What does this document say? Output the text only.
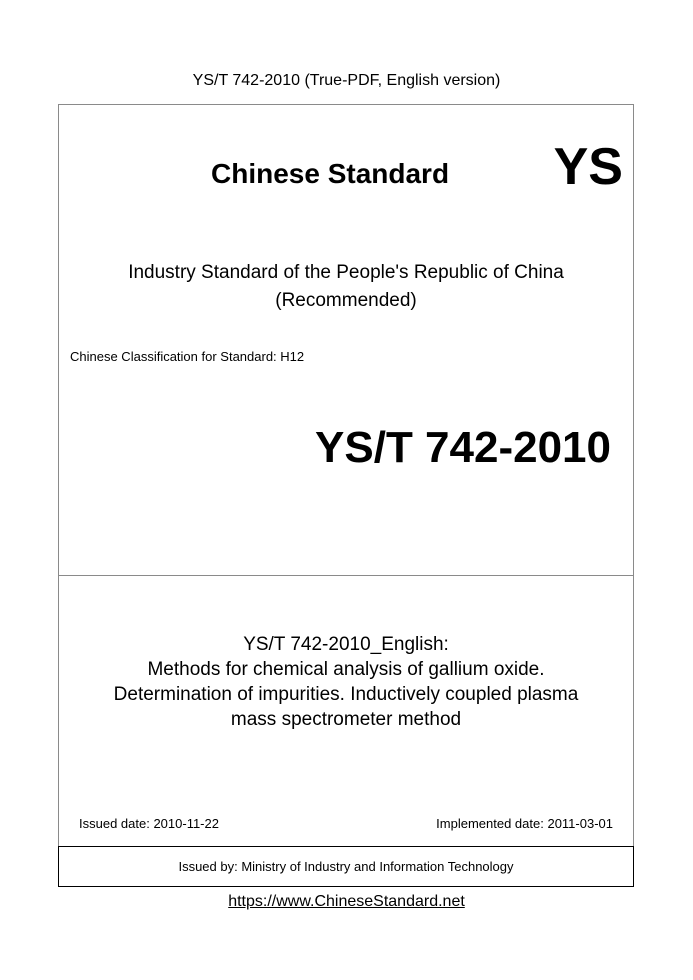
YS/T 742-2010 (True-PDF, English version)
Chinese Standard YS
Industry Standard of the People's Republic of China
(Recommended)
Chinese Classification for Standard: H12
YS/T 742-2010
YS/T 742-2010_English:
Methods for chemical analysis of gallium oxide.
Determination of impurities. Inductively coupled plasma
mass spectrometer method
Issued date: 2010-11-22	Implemented date: 2011-03-01
Issued by: Ministry of Industry and Information Technology
https://www.ChineseStandard.net
